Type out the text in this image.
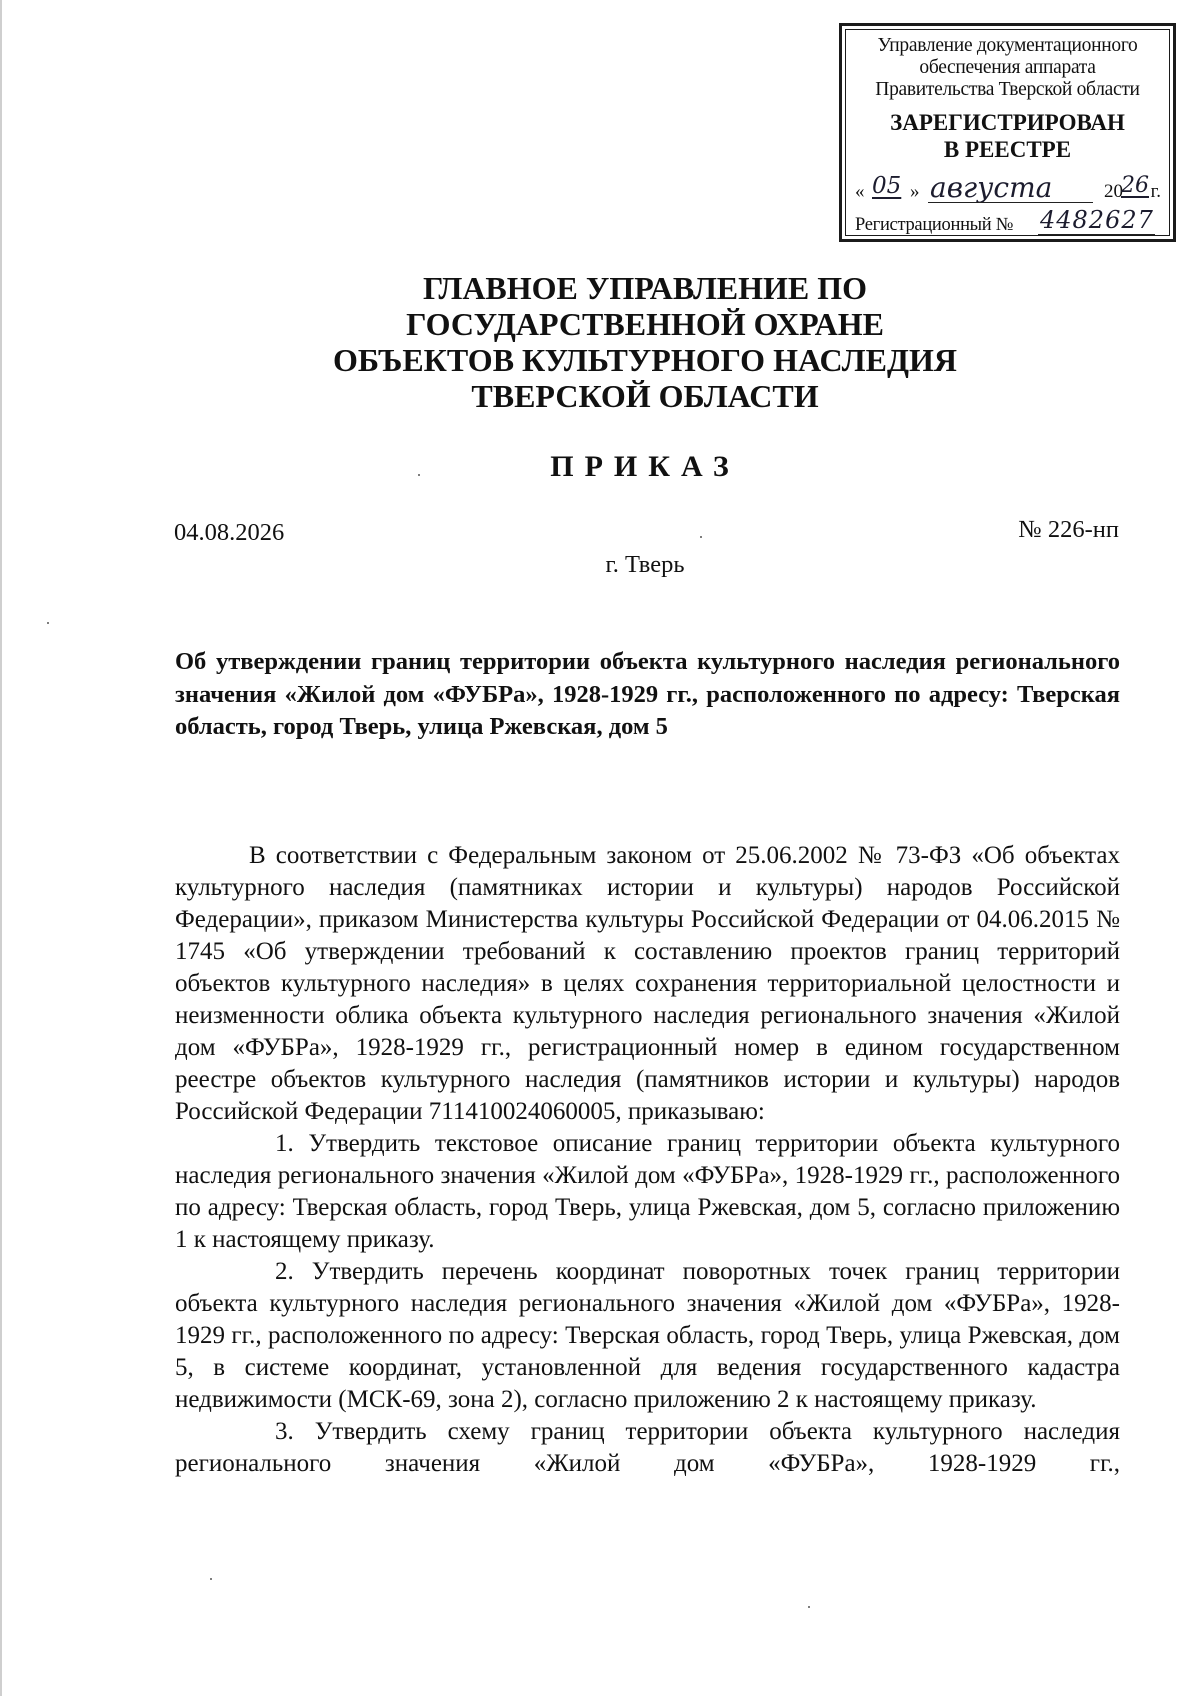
Управление документационного
обеспечения аппарата
Правительства Тверской области
ЗАРЕГИСТРИРОВАН
В РЕЕСТРЕ
« 05 » августа	20
26 г.
Регистрационный № 4482627
ГЛАВНОЕ УПРАВЛЕНИЕ ПО
ГОСУДАРСТВЕННОЙ ОХРАНЕ
ОБЪЕКТОВ КУЛЬТУРНОГО НАСЛЕДИЯ
ТВЕРСКОЙ ОБЛАСТИ
ПРИКАЗ
04.08.2026	№ 226-нп
г. Тверь
Об утверждении границ территории объекта культурного наследия регионального значения «Жилой дом «ФУБРа», 1928-1929 гг., расположенного по адресу: Тверская область, город Тверь, улица Ржевская, дом 5

В соответствии с Федеральным законом от 25.06.2002 № 73-ФЗ «Об объектах культурного наследия (памятниках истории и культуры) народов Российской Федерации», приказом Министерства культуры Российской Федерации от 04.06.2015 № 1745 «Об утверждении требований к составлению проектов границ территорий объектов культурного наследия» в целях сохранения территориальной целостности и неизменности облика объекта культурного наследия регионального значения «Жилой дом «ФУБРа», 1928-1929 гг., регистрационный номер в едином государственном реестре объектов культурного наследия (памятников истории и культуры) народов Российской Федерации 711410024060005, приказываю:

1. Утвердить текстовое описание границ территории объекта культурного наследия регионального значения «Жилой дом «ФУБРа», 1928-1929 гг., расположенного по адресу: Тверская область, город Тверь, улица Ржевская, дом 5, согласно приложению 1 к настоящему приказу.

2. Утвердить перечень координат поворотных точек границ территории объекта культурного наследия регионального значения «Жилой дом «ФУБРа», 1928-1929 гг., расположенного по адресу: Тверская область, город Тверь, улица Ржевская, дом 5, в системе координат, установленной для ведения государственного кадастра недвижимости (МСК-69, зона 2), согласно приложению 2 к настоящему приказу.

3. Утвердить схему границ территории объекта культурного наследия регионального значения «Жилой дом «ФУБРа», 1928-1929 гг.,
